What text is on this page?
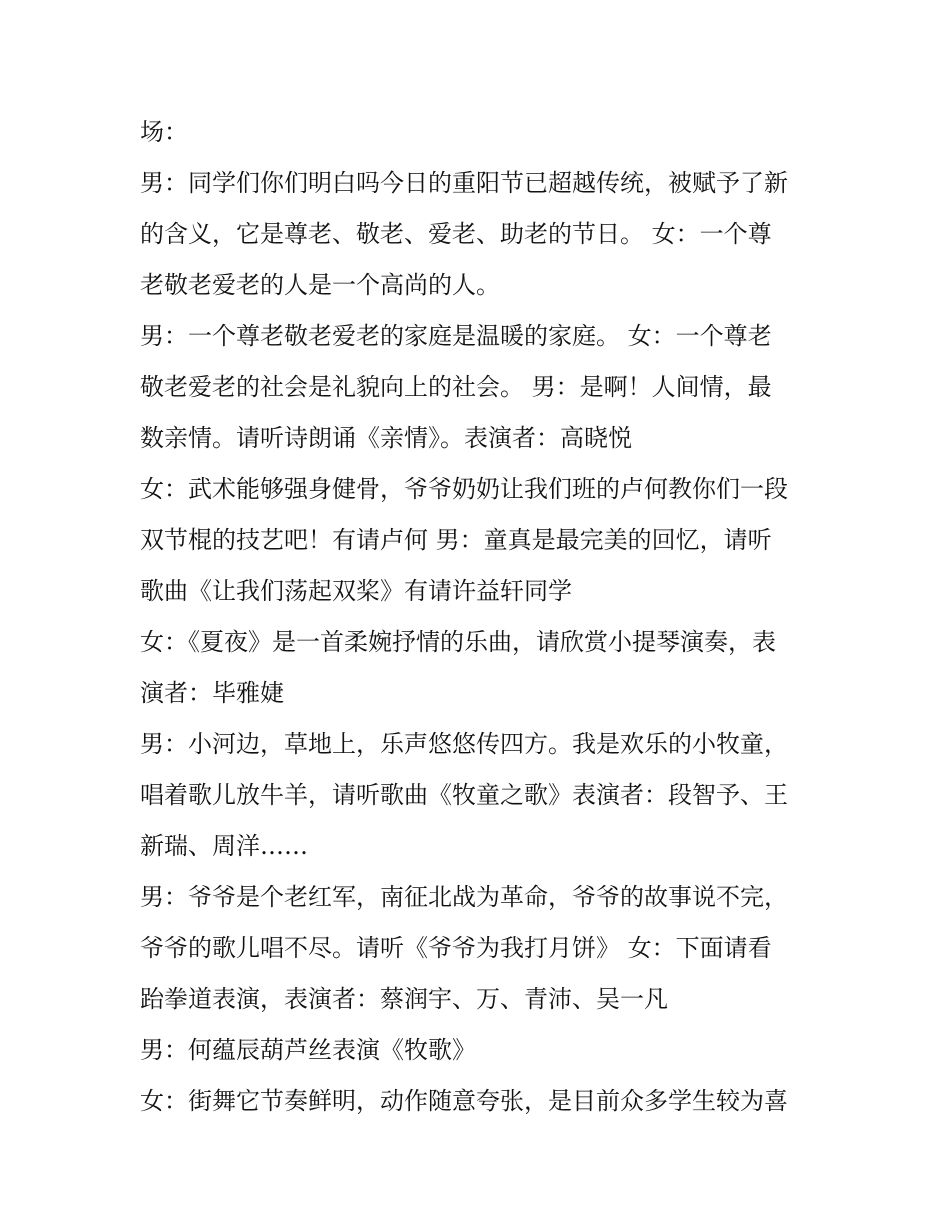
场：
男：同学们你们明白吗今日的重阳节已超越传统，被赋予了新
的含义，它是尊老、敬老、爱老、助老的节日。 女：一个尊
老敬老爱老的人是一个高尚的人。
男：一个尊老敬老爱老的家庭是温暖的家庭。 女：一个尊老
敬老爱老的社会是礼貌向上的社会。 男：是啊！人间情，最
数亲情。请听诗朗诵《亲情》。表演者：高晓悦
女：武术能够强身健骨，爷爷奶奶让我们班的卢何教你们一段
双节棍的技艺吧！有请卢何 男：童真是最完美的回忆，请听
歌曲《让我们荡起双桨》有请许益轩同学
女：《夏夜》是一首柔婉抒情的乐曲，请欣赏小提琴演奏，表
演者：毕雅婕
男：小河边，草地上，乐声悠悠传四方。我是欢乐的小牧童，
唱着歌儿放牛羊，请听歌曲《牧童之歌》表演者：段智予、王
新瑞、周洋……
男：爷爷是个老红军，南征北战为革命，爷爷的故事说不完，
爷爷的歌儿唱不尽。请听《爷爷为我打月饼》 女：下面请看
跆拳道表演，表演者：蔡润宇、万、青沛、吴一凡
男：何蕴辰葫芦丝表演《牧歌》
女：街舞它节奏鲜明，动作随意夸张，是目前众多学生较为喜
